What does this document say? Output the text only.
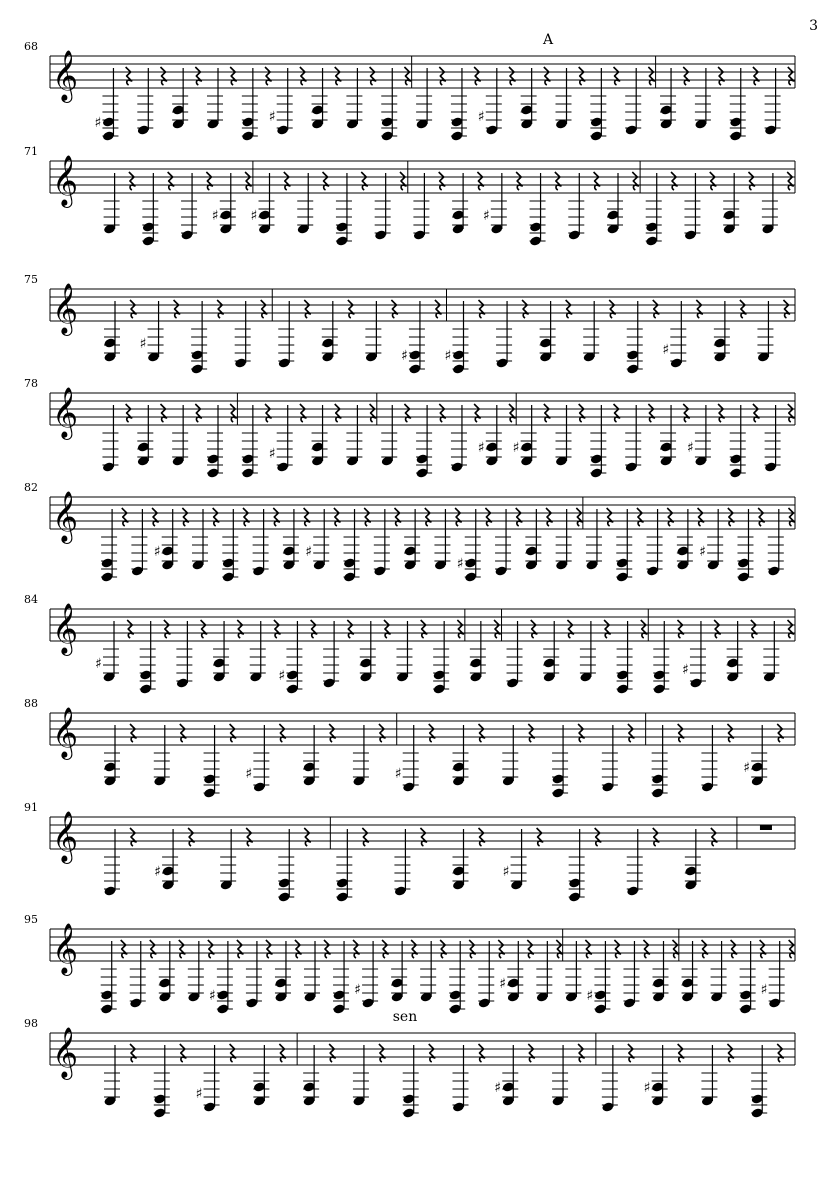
3
68
𝄞
♯	♯	♯
71
𝄞
♯ ♯	♯
75
𝄞
♯
♯	♯	♯
78
𝄞
♯	♯ ♯	♯
82
𝄞
♯	♯
♯
♯
84
𝄞
♯
♯	♯
88
𝄞
♯	♯	♯
91
𝄞
♯	♯
95
𝄞
♯	♯	♯
♯	♯
98
𝄞
♯	♯	♯
A
sen
